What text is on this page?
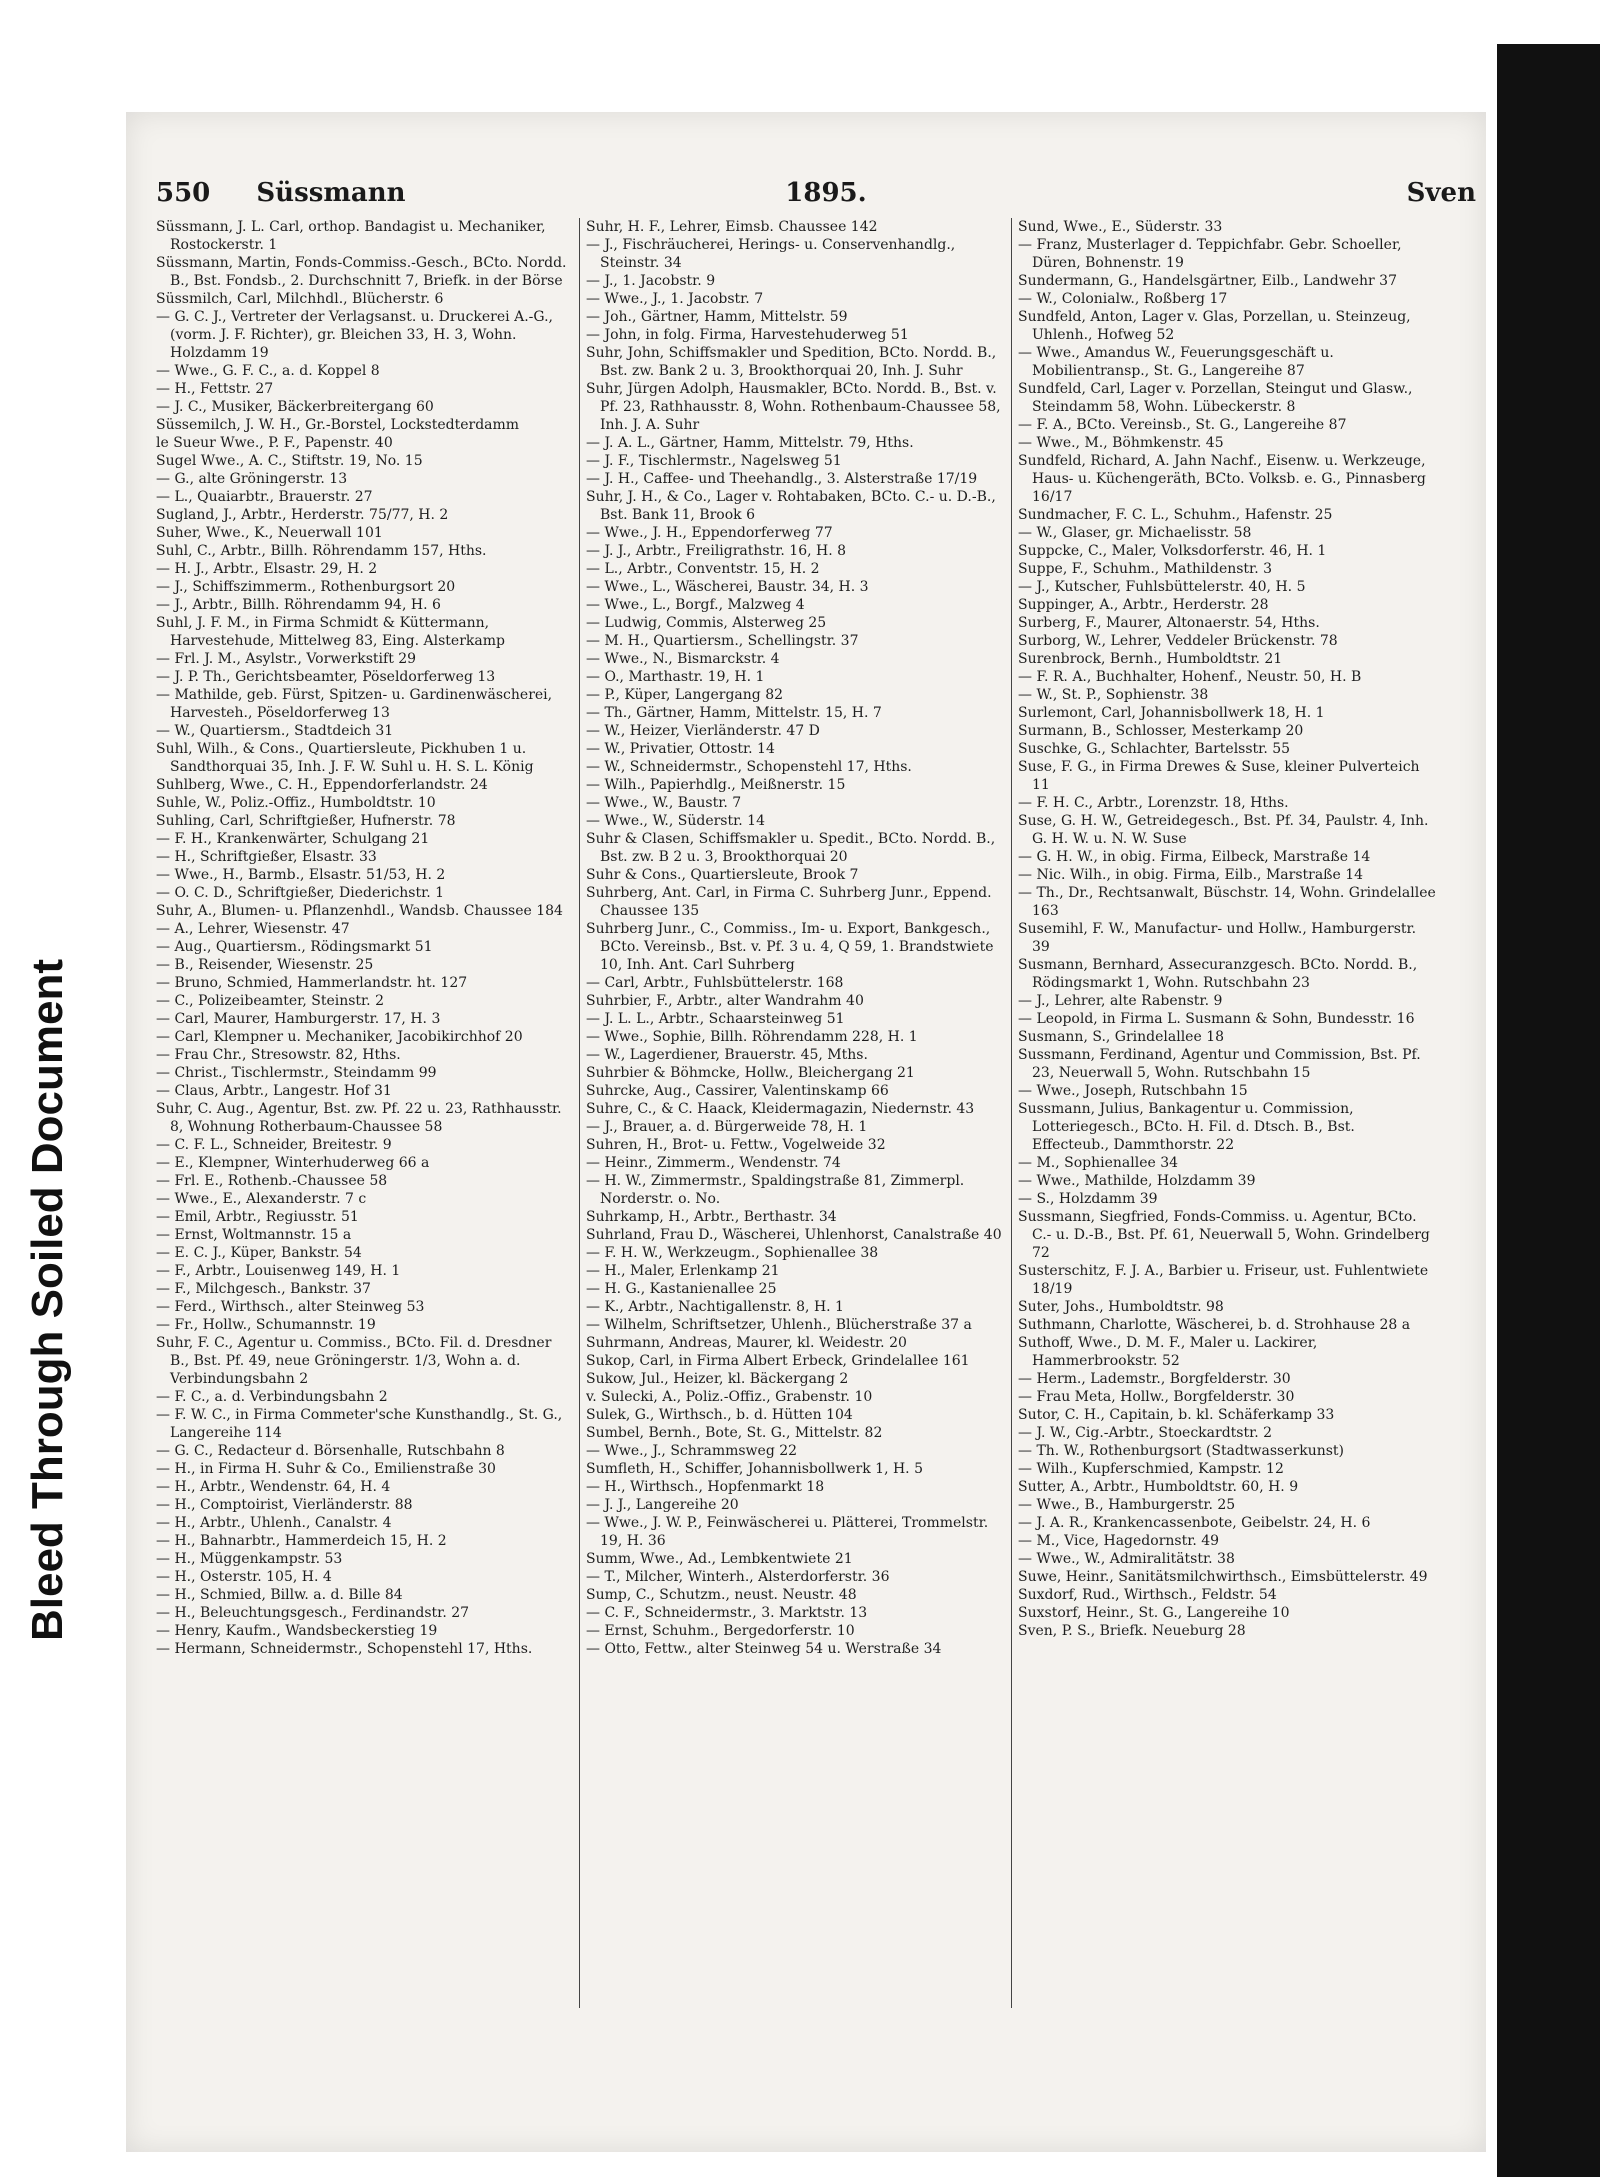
Bleed Through Soiled Document
550 Süssmann	1895.	Sven
Süssmann, J. L. Carl, orthop. Bandagist u. Mechaniker, Rostockerstr. 1
Süssmann, Martin, Fonds-Commiss.-Gesch., BCto. Nordd. B., Bst. Fondsb., 2. Durchschnitt 7, Briefk. in der Börse
Süssmilch, Carl, Milchhdl., Blücherstr. 6
— G. C. J., Vertreter der Verlagsanst. u. Druckerei A.-G., (vorm. J. F. Richter), gr. Bleichen 33, H. 3, Wohn. Holzdamm 19
— Wwe., G. F. C., a. d. Koppel 8
— H., Fettstr. 27
— J. C., Musiker, Bäckerbreitergang 60
Süssemilch, J. W. H., Gr.-Borstel, Lockstedterdamm
le Sueur Wwe., P. F., Papenstr. 40
Sugel Wwe., A. C., Stiftstr. 19, No. 15
— G., alte Gröningerstr. 13
— L., Quaiarbtr., Brauerstr. 27
Sugland, J., Arbtr., Herderstr. 75/77, H. 2
Suher, Wwe., K., Neuerwall 101
Suhl, C., Arbtr., Billh. Röhrendamm 157, Hths.
— H. J., Arbtr., Elsastr. 29, H. 2
— J., Schiffszimmerm., Rothenburgsort 20
— J., Arbtr., Billh. Röhrendamm 94, H. 6
Suhl, J. F. M., in Firma Schmidt & Küttermann, Harvestehude, Mittelweg 83, Eing. Alsterkamp
— Frl. J. M., Asylstr., Vorwerkstift 29
— J. P. Th., Gerichtsbeamter, Pöseldorferweg 13
— Mathilde, geb. Fürst, Spitzen- u. Gardinenwäscherei, Harvesteh., Pöseldorferweg 13
— W., Quartiersm., Stadtdeich 31
Suhl, Wilh., & Cons., Quartiersleute, Pickhuben 1 u. Sandthorquai 35, Inh. J. F. W. Suhl u. H. S. L. König
Suhlberg, Wwe., C. H., Eppendorferlandstr. 24
Suhle, W., Poliz.-Offiz., Humboldtstr. 10
Suhling, Carl, Schriftgießer, Hufnerstr. 78
— F. H., Krankenwärter, Schulgang 21
— H., Schriftgießer, Elsastr. 33
— Wwe., H., Barmb., Elsastr. 51/53, H. 2
— O. C. D., Schriftgießer, Diederichstr. 1
Suhr, A., Blumen- u. Pflanzenhdl., Wandsb. Chaussee 184
— A., Lehrer, Wiesenstr. 47
— Aug., Quartiersm., Rödingsmarkt 51
— B., Reisender, Wiesenstr. 25
— Bruno, Schmied, Hammerlandstr. ht. 127
— C., Polizeibeamter, Steinstr. 2
— Carl, Maurer, Hamburgerstr. 17, H. 3
— Carl, Klempner u. Mechaniker, Jacobikirchhof 20
— Frau Chr., Stresowstr. 82, Hths.
— Christ., Tischlermstr., Steindamm 99
— Claus, Arbtr., Langestr. Hof 31
Suhr, C. Aug., Agentur, Bst. zw. Pf. 22 u. 23, Rathhausstr. 8, Wohnung Rotherbaum-Chaussee 58
— C. F. L., Schneider, Breitestr. 9
— E., Klempner, Winterhuderweg 66 a
— Frl. E., Rothenb.-Chaussee 58
— Wwe., E., Alexanderstr. 7 c
— Emil, Arbtr., Regiusstr. 51
— Ernst, Woltmannstr. 15 a
— E. C. J., Küper, Bankstr. 54
— F., Arbtr., Louisenweg 149, H. 1
— F., Milchgesch., Bankstr. 37
— Ferd., Wirthsch., alter Steinweg 53
— Fr., Hollw., Schumannstr. 19
Suhr, F. C., Agentur u. Commiss., BCto. Fil. d. Dresdner B., Bst. Pf. 49, neue Gröningerstr. 1/3, Wohn a. d. Verbindungsbahn 2
— F. C., a. d. Verbindungsbahn 2
— F. W. C., in Firma Commeter'sche Kunsthandlg., St. G., Langereihe 114
— G. C., Redacteur d. Börsenhalle, Rutschbahn 8
— H., in Firma H. Suhr & Co., Emilienstraße 30
— H., Arbtr., Wendenstr. 64, H. 4
— H., Comptoirist, Vierländerstr. 88
— H., Arbtr., Uhlenh., Canalstr. 4
— H., Bahnarbtr., Hammerdeich 15, H. 2
— H., Müggenkampstr. 53
— H., Osterstr. 105, H. 4
— H., Schmied, Billw. a. d. Bille 84
— H., Beleuchtungsgesch., Ferdinandstr. 27
— Henry, Kaufm., Wandsbeckerstieg 19
— Hermann, Schneidermstr., Schopenstehl 17, Hths.
Suhr, H. F., Lehrer, Eimsb. Chaussee 142
— J., Fischräucherei, Herings- u. Conservenhandlg., Steinstr. 34
— J., 1. Jacobstr. 9
— Wwe., J., 1. Jacobstr. 7
— Joh., Gärtner, Hamm, Mittelstr. 59
— John, in folg. Firma, Harvestehuderweg 51
Suhr, John, Schiffsmakler und Spedition, BCto. Nordd. B., Bst. zw. Bank 2 u. 3, Brookthorquai 20, Inh. J. Suhr
Suhr, Jürgen Adolph, Hausmakler, BCto. Nordd. B., Bst. v. Pf. 23, Rathhausstr. 8, Wohn. Rothenbaum-Chaussee 58, Inh. J. A. Suhr
— J. A. L., Gärtner, Hamm, Mittelstr. 79, Hths.
— J. F., Tischlermstr., Nagelsweg 51
— J. H., Caffee- und Theehandlg., 3. Alsterstraße 17/19
Suhr, J. H., & Co., Lager v. Rohtabaken, BCto. C.- u. D.-B., Bst. Bank 11, Brook 6
— Wwe., J. H., Eppendorferweg 77
— J. J., Arbtr., Freiligrathstr. 16, H. 8
— L., Arbtr., Conventstr. 15, H. 2
— Wwe., L., Wäscherei, Baustr. 34, H. 3
— Wwe., L., Borgf., Malzweg 4
— Ludwig, Commis, Alsterweg 25
— M. H., Quartiersm., Schellingstr. 37
— Wwe., N., Bismarckstr. 4
— O., Marthastr. 19, H. 1
— P., Küper, Langergang 82
— Th., Gärtner, Hamm, Mittelstr. 15, H. 7
— W., Heizer, Vierländerstr. 47 D
— W., Privatier, Ottostr. 14
— W., Schneidermstr., Schopenstehl 17, Hths.
— Wilh., Papierhdlg., Meißnerstr. 15
— Wwe., W., Baustr. 7
— Wwe., W., Süderstr. 14
Suhr & Clasen, Schiffsmakler u. Spedit., BCto. Nordd. B., Bst. zw. B 2 u. 3, Brookthorquai 20
Suhr & Cons., Quartiersleute, Brook 7
Suhrberg, Ant. Carl, in Firma C. Suhrberg Junr., Eppend. Chaussee 135
Suhrberg Junr., C., Commiss., Im- u. Export, Bankgesch., BCto. Vereinsb., Bst. v. Pf. 3 u. 4, Q 59, 1. Brandstwiete 10, Inh. Ant. Carl Suhrberg
— Carl, Arbtr., Fuhlsbüttelerstr. 168
Suhrbier, F., Arbtr., alter Wandrahm 40
— J. L. L., Arbtr., Schaarsteinweg 51
— Wwe., Sophie, Billh. Röhrendamm 228, H. 1
— W., Lagerdiener, Brauerstr. 45, Mths.
Suhrbier & Böhmcke, Hollw., Bleichergang 21
Suhrcke, Aug., Cassirer, Valentinskamp 66
Suhre, C., & C. Haack, Kleidermagazin, Niedernstr. 43
— J., Brauer, a. d. Bürgerweide 78, H. 1
Suhren, H., Brot- u. Fettw., Vogelweide 32
— Heinr., Zimmerm., Wendenstr. 74
— H. W., Zimmermstr., Spaldingstraße 81, Zimmerpl. Norderstr. o. No.
Suhrkamp, H., Arbtr., Berthastr. 34
Suhrland, Frau D., Wäscherei, Uhlenhorst, Canalstraße 40
— F. H. W., Werkzeugm., Sophienallee 38
— H., Maler, Erlenkamp 21
— H. G., Kastanienallee 25
— K., Arbtr., Nachtigallenstr. 8, H. 1
— Wilhelm, Schriftsetzer, Uhlenh., Blücherstraße 37 a
Suhrmann, Andreas, Maurer, kl. Weidestr. 20
Sukop, Carl, in Firma Albert Erbeck, Grindelallee 161
Sukow, Jul., Heizer, kl. Bäckergang 2
v. Sulecki, A., Poliz.-Offiz., Grabenstr. 10
Sulek, G., Wirthsch., b. d. Hütten 104
Sumbel, Bernh., Bote, St. G., Mittelstr. 82
— Wwe., J., Schrammsweg 22
Sumfleth, H., Schiffer, Johannisbollwerk 1, H. 5
— H., Wirthsch., Hopfenmarkt 18
— J. J., Langereihe 20
— Wwe., J. W. P., Feinwäscherei u. Plätterei, Trommelstr. 19, H. 36
Summ, Wwe., Ad., Lembkentwiete 21
— T., Milcher, Winterh., Alsterdorferstr. 36
Sump, C., Schutzm., neust. Neustr. 48
— C. F., Schneidermstr., 3. Marktstr. 13
— Ernst, Schuhm., Bergedorferstr. 10
— Otto, Fettw., alter Steinweg 54 u. Werstraße 34
Sund, Wwe., E., Süderstr. 33
— Franz, Musterlager d. Teppichfabr. Gebr. Schoeller, Düren, Bohnenstr. 19
Sundermann, G., Handelsgärtner, Eilb., Landwehr 37
— W., Colonialw., Roßberg 17
Sundfeld, Anton, Lager v. Glas, Porzellan, u. Steinzeug, Uhlenh., Hofweg 52
— Wwe., Amandus W., Feuerungsgeschäft u. Mobilientransp., St. G., Langereihe 87
Sundfeld, Carl, Lager v. Porzellan, Steingut und Glasw., Steindamm 58, Wohn. Lübeckerstr. 8
— F. A., BCto. Vereinsb., St. G., Langereihe 87
— Wwe., M., Böhmkenstr. 45
Sundfeld, Richard, A. Jahn Nachf., Eisenw. u. Werkzeuge, Haus- u. Küchengeräth, BCto. Volksb. e. G., Pinnasberg 16/17
Sundmacher, F. C. L., Schuhm., Hafenstr. 25
— W., Glaser, gr. Michaelisstr. 58
Suppcke, C., Maler, Volksdorferstr. 46, H. 1
Suppe, F., Schuhm., Mathildenstr. 3
— J., Kutscher, Fuhlsbüttelerstr. 40, H. 5
Suppinger, A., Arbtr., Herderstr. 28
Surberg, F., Maurer, Altonaerstr. 54, Hths.
Surborg, W., Lehrer, Veddeler Brückenstr. 78
Surenbrock, Bernh., Humboldtstr. 21
— F. R. A., Buchhalter, Hohenf., Neustr. 50, H. B
— W., St. P., Sophienstr. 38
Surlemont, Carl, Johannisbollwerk 18, H. 1
Surmann, B., Schlosser, Mesterkamp 20
Suschke, G., Schlachter, Bartelsstr. 55
Suse, F. G., in Firma Drewes & Suse, kleiner Pulverteich 11
— F. H. C., Arbtr., Lorenzstr. 18, Hths.
Suse, G. H. W., Getreidegesch., Bst. Pf. 34, Paulstr. 4, Inh. G. H. W. u. N. W. Suse
— G. H. W., in obig. Firma, Eilbeck, Marstraße 14
— Nic. Wilh., in obig. Firma, Eilb., Marstraße 14
— Th., Dr., Rechtsanwalt, Büschstr. 14, Wohn. Grindelallee 163
Susemihl, F. W., Manufactur- und Hollw., Hamburgerstr. 39
Susmann, Bernhard, Assecuranzgesch. BCto. Nordd. B., Rödingsmarkt 1, Wohn. Rutschbahn 23
— J., Lehrer, alte Rabenstr. 9
— Leopold, in Firma L. Susmann & Sohn, Bundesstr. 16
Susmann, S., Grindelallee 18
Sussmann, Ferdinand, Agentur und Commission, Bst. Pf. 23, Neuerwall 5, Wohn. Rutschbahn 15
— Wwe., Joseph, Rutschbahn 15
Sussmann, Julius, Bankagentur u. Commission, Lotteriegesch., BCto. H. Fil. d. Dtsch. B., Bst. Effecteub., Dammthorstr. 22
— M., Sophienallee 34
— Wwe., Mathilde, Holzdamm 39
— S., Holzdamm 39
Sussmann, Siegfried, Fonds-Commiss. u. Agentur, BCto. C.- u. D.-B., Bst. Pf. 61, Neuerwall 5, Wohn. Grindelberg 72
Susterschitz, F. J. A., Barbier u. Friseur, ust. Fuhlentwiete 18/19
Suter, Johs., Humboldtstr. 98
Suthmann, Charlotte, Wäscherei, b. d. Strohhause 28 a
Suthoff, Wwe., D. M. F., Maler u. Lackirer, Hammerbrookstr. 52
— Herm., Lademstr., Borgfelderstr. 30
— Frau Meta, Hollw., Borgfelderstr. 30
Sutor, C. H., Capitain, b. kl. Schäferkamp 33
— J. W., Cig.-Arbtr., Stoeckardtstr. 2
— Th. W., Rothenburgsort (Stadtwasserkunst)
— Wilh., Kupferschmied, Kampstr. 12
Sutter, A., Arbtr., Humboldtstr. 60, H. 9
— Wwe., B., Hamburgerstr. 25
— J. A. R., Krankencassenbote, Geibelstr. 24, H. 6
— M., Vice, Hagedornstr. 49
— Wwe., W., Admiralitätstr. 38
Suwe, Heinr., Sanitätsmilchwirthsch., Eimsbüttelerstr. 49
Suxdorf, Rud., Wirthsch., Feldstr. 54
Suxstorf, Heinr., St. G., Langereihe 10
Sven, P. S., Briefk. Neueburg 28
